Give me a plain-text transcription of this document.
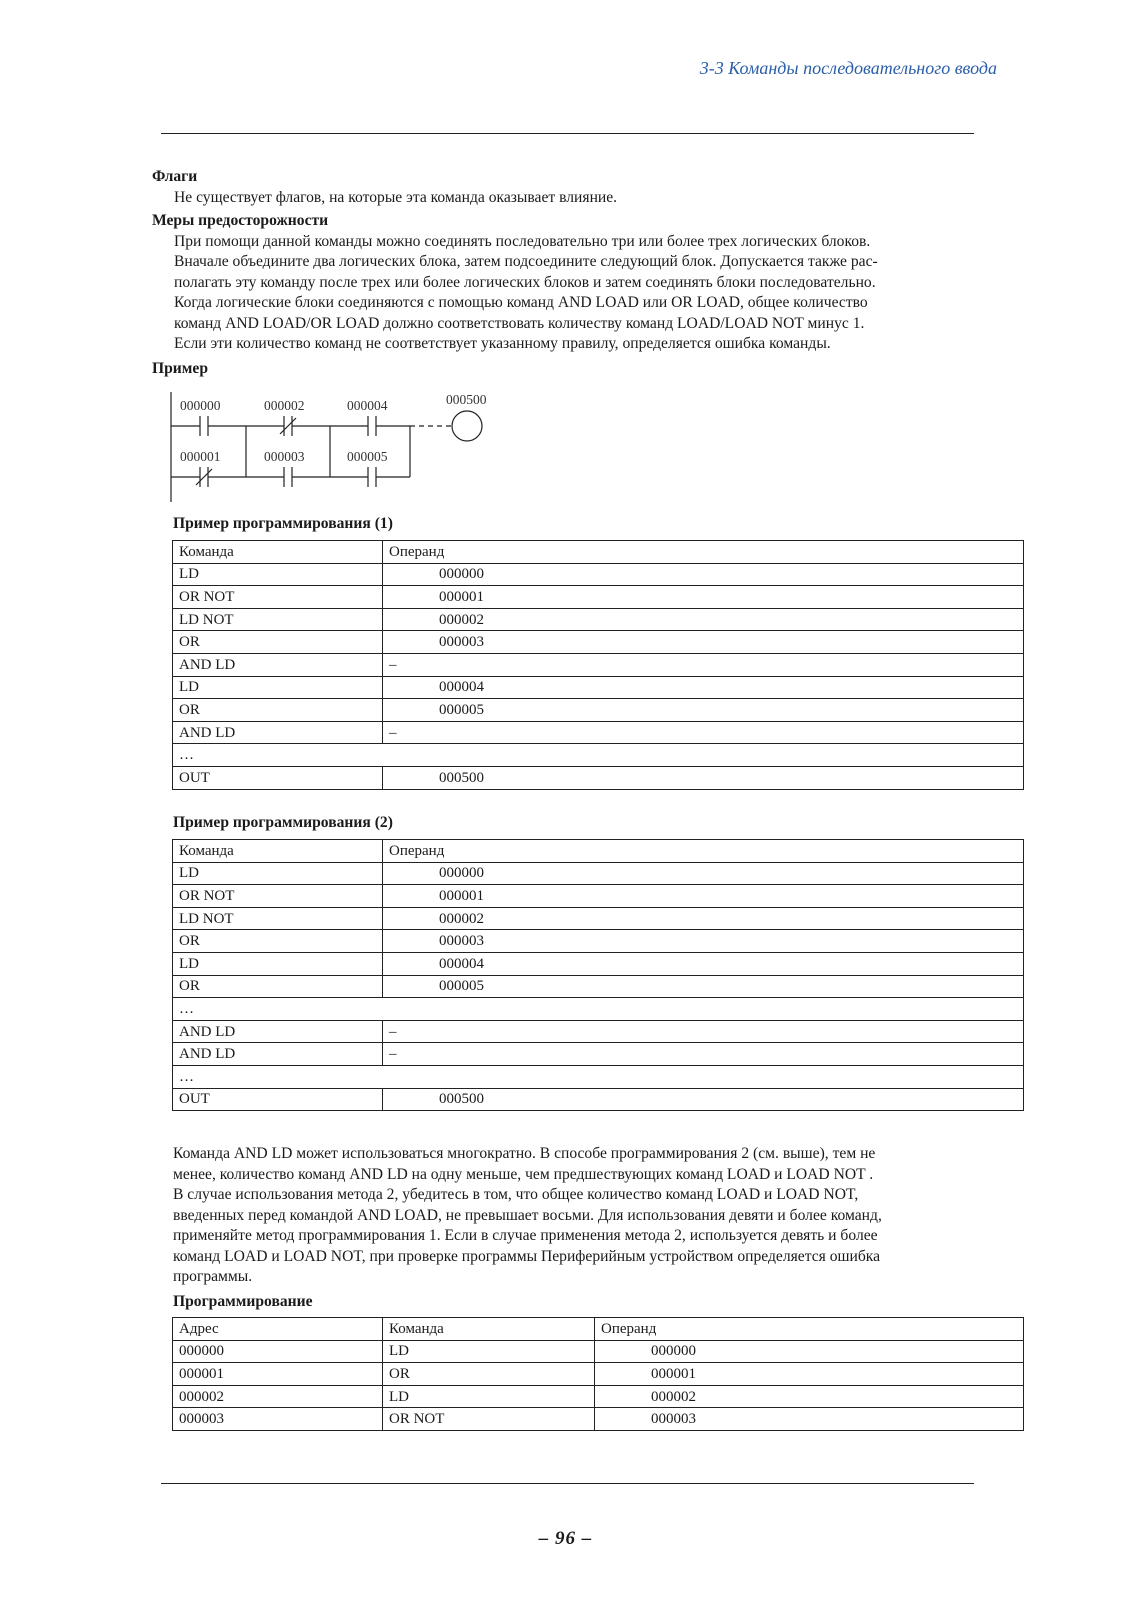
3-3 Команды последовательного ввода

Флаги

Не существует флагов, на которые эта команда оказывает влияние.

Меры предосторожности

При помощи данной команды можно соединять последовательно три или более трех логических блоков.
Вначале объедините два логических блока, затем подсоедините следующий блок. Допускается также рас-
полагать эту команду после трех или более логических блоков и затем соединять блоки последовательно.
Когда логические блоки соединяются с помощью команд AND LOAD или OR LOAD, общее количество
команд AND LOAD/OR LOAD должно соответствовать количеству команд LOAD/LOAD NOT минус 1.
Если эти количество команд не соответствует указанному правилу, определяется ошибка команды.

Пример

000000	000002	000004	000500
000001	000003	000005
Пример программирования (1)
Команда	Операнд
LD	000000
OR NOT	000001
LD NOT	000002
OR	000003
AND LD	–
LD	000004
OR	000005
AND LD	–
…	
OUT	000500
Пример программирования (2)
Команда	Операнд
LD	000000
OR NOT	000001
LD NOT	000002
OR	000003
LD	000004
OR	000005
…	
AND LD	–
AND LD	–
…	
OUT	000500
Команда AND LD может использоваться многократно. В способе программирования 2 (см. выше), тем не
менее, количество команд AND LD на одну меньше, чем предшествующих команд LOAD и LOAD NOT .
В случае использования метода 2, убедитесь в том, что общее количество команд LOAD и LOAD NOT,
введенных перед командой AND LOAD, не превышает восьми. Для использования девяти и более команд,
применяйте метод программирования 1. Если в случае применения метода 2, используется девять и более
команд LOAD и LOAD NOT, при проверке программы Периферийным устройством определяется ошибка
программы.
Программирование
Адрес	Команда	Операнд
000000	LD	000000
000001	OR	000001
000002	LD	000002
000003	OR NOT	000003
– 96 –
